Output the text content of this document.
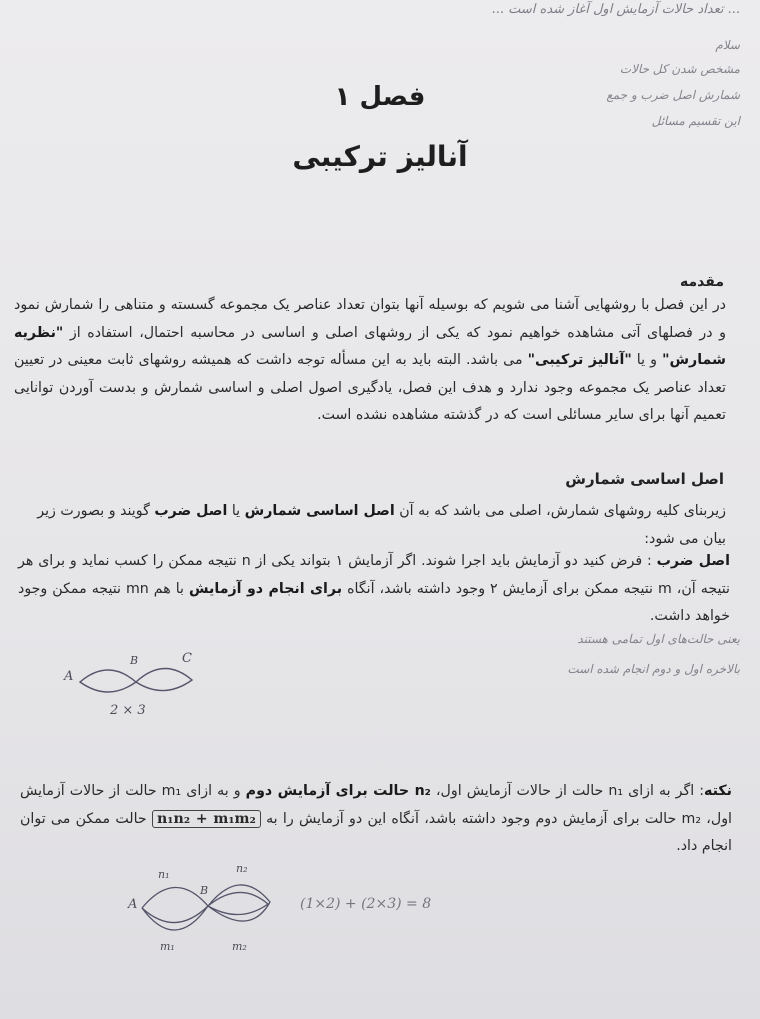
... تعداد حالات آزمایش اول آغاز شده است ...
سلام
مشخص شدن کل حالات
شمارش اصل ضرب و جمع
این تقسیم مسائل
فصل ۱
آنالیز ترکیبی
مقدمه
در این فصل با روشهایی آشنا می شویم که بوسیله آنها بتوان تعداد عناصر یک مجموعه گسسته و متناهی را شمارش نمود و در فصلهای آتی مشاهده خواهیم نمود که یکی از روشهای اصلی و اساسی در محاسبه احتمال، استفاده از "نظریه شمارش" و یا "آنالیز ترکیبی" می باشد. البته باید به این مسأله توجه داشت که همیشه روشهای ثابت معینی در تعیین تعداد عناصر یک مجموعه وجود ندارد و هدف این فصل، یادگیری اصول اصلی و اساسی شمارش و بدست آوردن توانایی تعمیم آنها برای سایر مسائلی است که در گذشته مشاهده نشده است.
اصل اساسی شمارش
زیربنای کلیه روشهای شمارش، اصلی می باشد که به آن اصل اساسی شمارش یا اصل ضرب گویند و بصورت زیر بیان می شود:
اصل ضرب : فرض کنید دو آزمایش باید اجرا شوند. اگر آزمایش ۱ بتواند یکی از n نتیجه ممکن را کسب نماید و برای هر نتیجه آن، m نتیجه ممکن برای آزمایش ۲ وجود داشته باشد، آنگاه برای انجام دو آزمایش با هم mn نتیجه ممکن وجود خواهد داشت.
یعنی حالت‌های اول تمامی هستند
بالاخره اول و دوم انجام شده است
A
B	C
2 × 3
نکته: اگر به ازای n₁ حالت از حالات آزمایش اول، n₂ حالت برای آزمایش دوم و به ازای m₁ حالت از حالات آزمایش اول، m₂ حالت برای آزمایش دوم وجود داشته باشد، آنگاه این دو آزمایش را به n₁n₂ + m₁m₂ حالت ممکن می توان انجام داد.
A
B
n₁	n₂
m₁	m₂
(1×2) + (2×3) = 8
